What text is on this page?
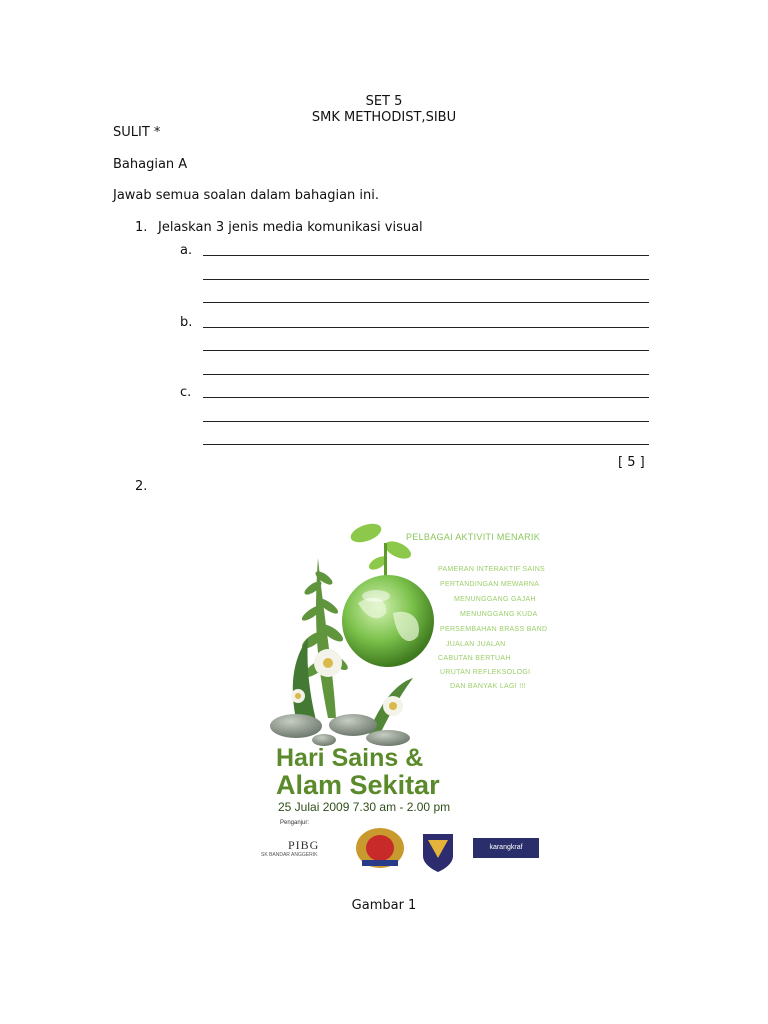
SET 5
SMK METHODIST,SIBU
SULIT *
Bahagian A
Jawab semua soalan dalam bahagian ini.
1. Jelaskan 3 jenis media komunikasi visual
a.
b.
c.
[ 5 ]
2.
PELBAGAI AKTIVITI MENARIK
PAMERAN INTERAKTIF SAINS
PERTANDINGAN MEWARNA
MENUNGGANG GAJAH
MENUNGGANG KUDA
PERSEMBAHAN BRASS BAND
JUALAN JUALAN
CABUTAN BERTUAH
URUTAN REFLEKSOLOGI
DAN BANYAK LAGI !!!
Hari Sains &
Alam Sekitar
25 Julai 2009 7.30 am - 2.00 pm
Penganjur:
PIBG
SK BANDAR ANGGERIK
karangkraf
Gambar 1
